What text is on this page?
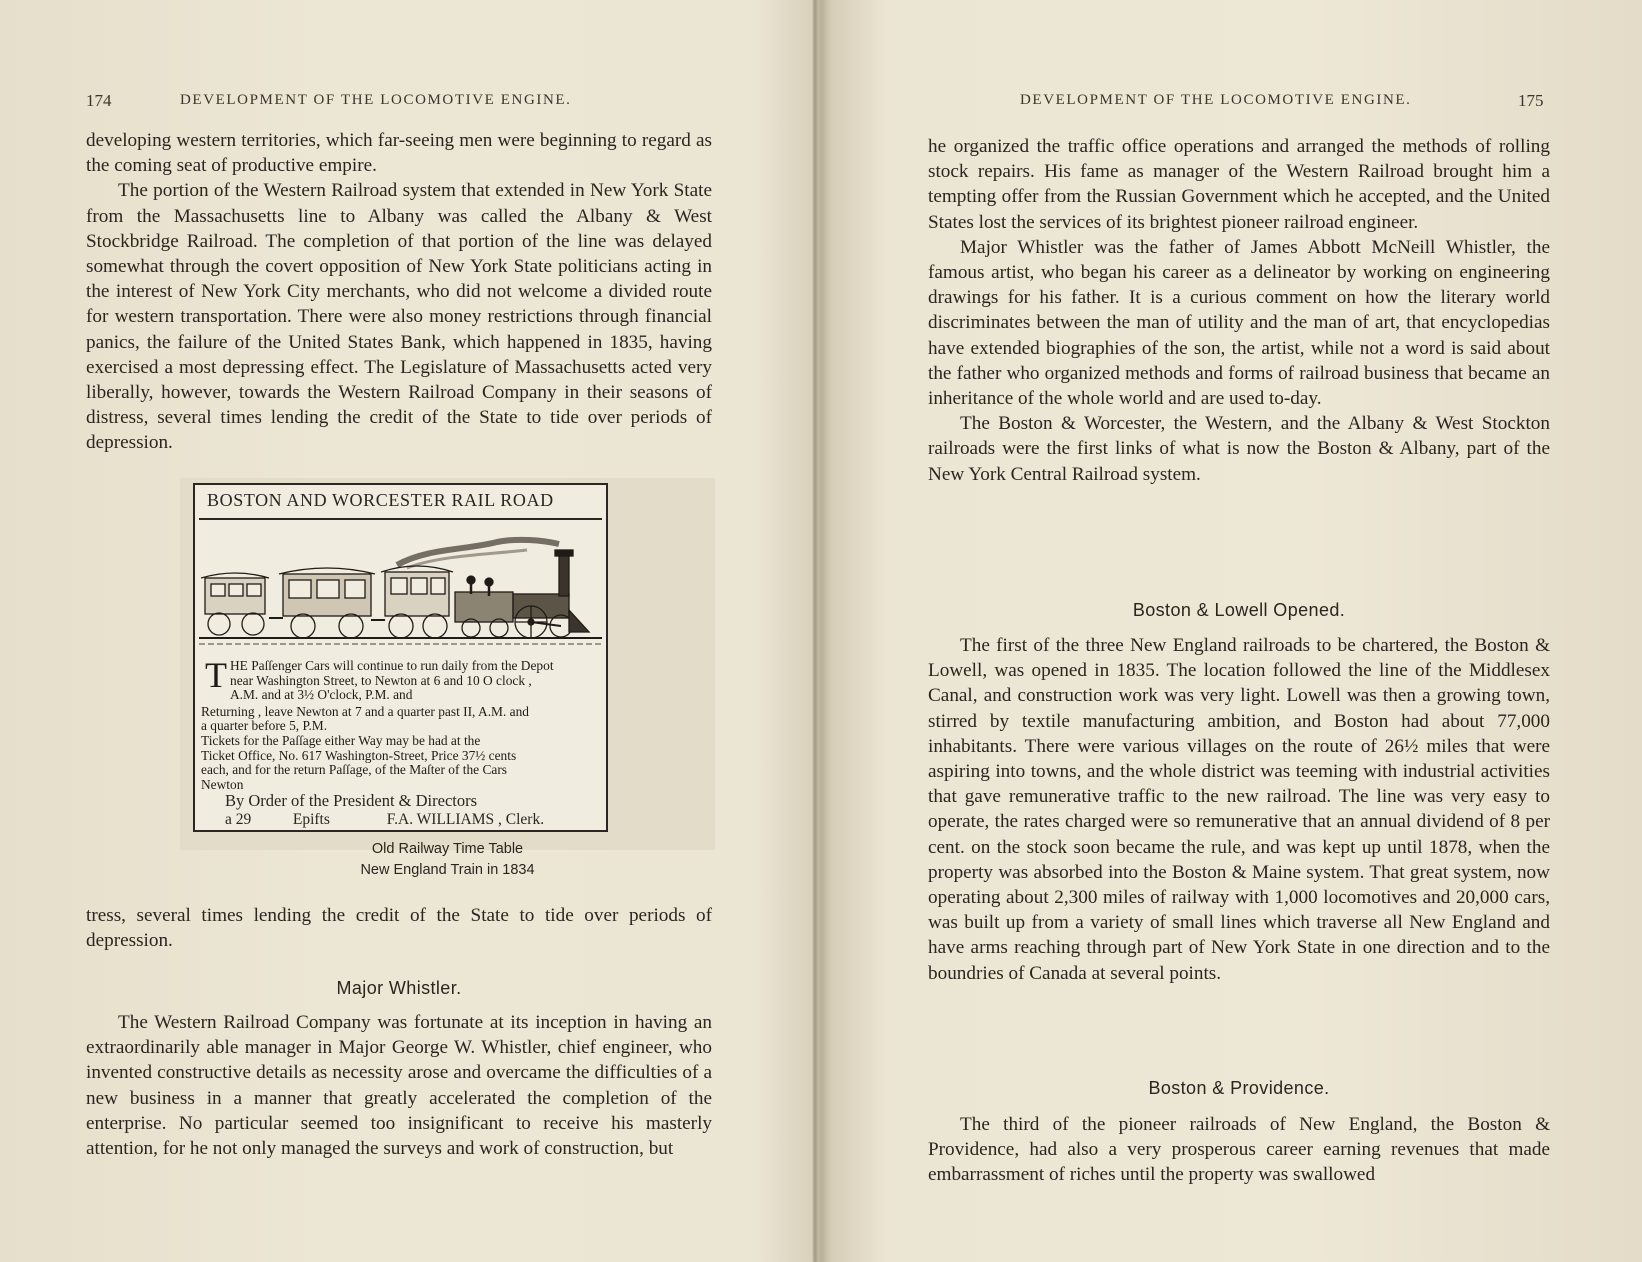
174	DEVELOPMENT OF THE LOCOMOTIVE ENGINE.

developing western territories, which far-seeing men were beginning to regard as the coming seat of productive empire.

The portion of the Western Railroad system that extended in New York State from the Massachusetts line to Albany was called the Albany & West Stockbridge Railroad. The completion of that portion of the line was delayed somewhat through the covert opposition of New York State politicians acting in the interest of New York City merchants, who did not welcome a divided route for western transportation. There were also money restrictions through financial panics, the failure of the United States Bank, which happened in 1835, having exercised a most depressing effect. The Legislature of Massachusetts acted very liberally, however, towards the Western Railroad Company in their seasons of distress, several times lending the credit of the State to tide over periods of depression.

BOSTON AND WORCESTER RAIL ROAD
T HE Paſſenger Cars will continue to run daily from the Depot
near Washington Street, to Newton at 6 and 10 O clock ,
A.M. and at 3½ O'clock, P.M. and
Returning , leave Newton at 7 and a quarter past II, A.M. and
a quarter before 5, P.M.
Tickets for the Paſſage either Way may be had at the
Ticket Office, No. 617 Washington-Street, Price 37½ cents
each, and for the return Paſſage, of the Maſter of the Cars
Newton
By Order of the President & Directors
a 29	Epifts	F.A. WILLIAMS , Clerk.
Old Railway Time Table
New England Train in 1834

tress, several times lending the credit of the State to tide over periods of depression.

Major Whistler.

The Western Railroad Company was fortunate at its inception in having an extraordinarily able manager in Major George W. Whistler, chief engineer, who invented constructive details as necessity arose and overcame the difficulties of a new business in a manner that greatly accelerated the completion of the enterprise. No particular seemed too insignificant to receive his masterly attention, for he not only managed the surveys and work of construction, but

DEVELOPMENT OF THE LOCOMOTIVE ENGINE.	175

he organized the traffic office operations and arranged the methods of rolling stock repairs. His fame as manager of the Western Railroad brought him a tempting offer from the Russian Government which he accepted, and the United States lost the services of its brightest pioneer railroad engineer.

Major Whistler was the father of James Abbott McNeill Whistler, the famous artist, who began his career as a delineator by working on engineering drawings for his father. It is a curious comment on how the literary world discriminates between the man of utility and the man of art, that encyclopedias have extended biographies of the son, the artist, while not a word is said about the father who organized methods and forms of railroad business that became an inheritance of the whole world and are used to-day.

The Boston & Worcester, the Western, and the Albany & West Stockton railroads were the first links of what is now the Boston & Albany, part of the New York Central Railroad system.

Boston & Lowell Opened.

The first of the three New England railroads to be chartered, the Boston & Lowell, was opened in 1835. The location followed the line of the Middlesex Canal, and construction work was very light. Lowell was then a growing town, stirred by textile manufacturing ambition, and Boston had about 77,000 inhabitants. There were various villages on the route of 26½ miles that were aspiring into towns, and the whole district was teeming with industrial activities that gave remunerative traffic to the new railroad. The line was very easy to operate, the rates charged were so remunerative that an annual dividend of 8 per cent. on the stock soon became the rule, and was kept up until 1878, when the property was absorbed into the Boston & Maine system. That great system, now operating about 2,300 miles of railway with 1,000 locomotives and 20,000 cars, was built up from a variety of small lines which traverse all New England and have arms reaching through part of New York State in one direction and to the boundries of Canada at several points.

Boston & Providence.

The third of the pioneer railroads of New England, the Boston & Providence, had also a very prosperous career earning revenues that made embarrassment of riches until the property was swallowed
